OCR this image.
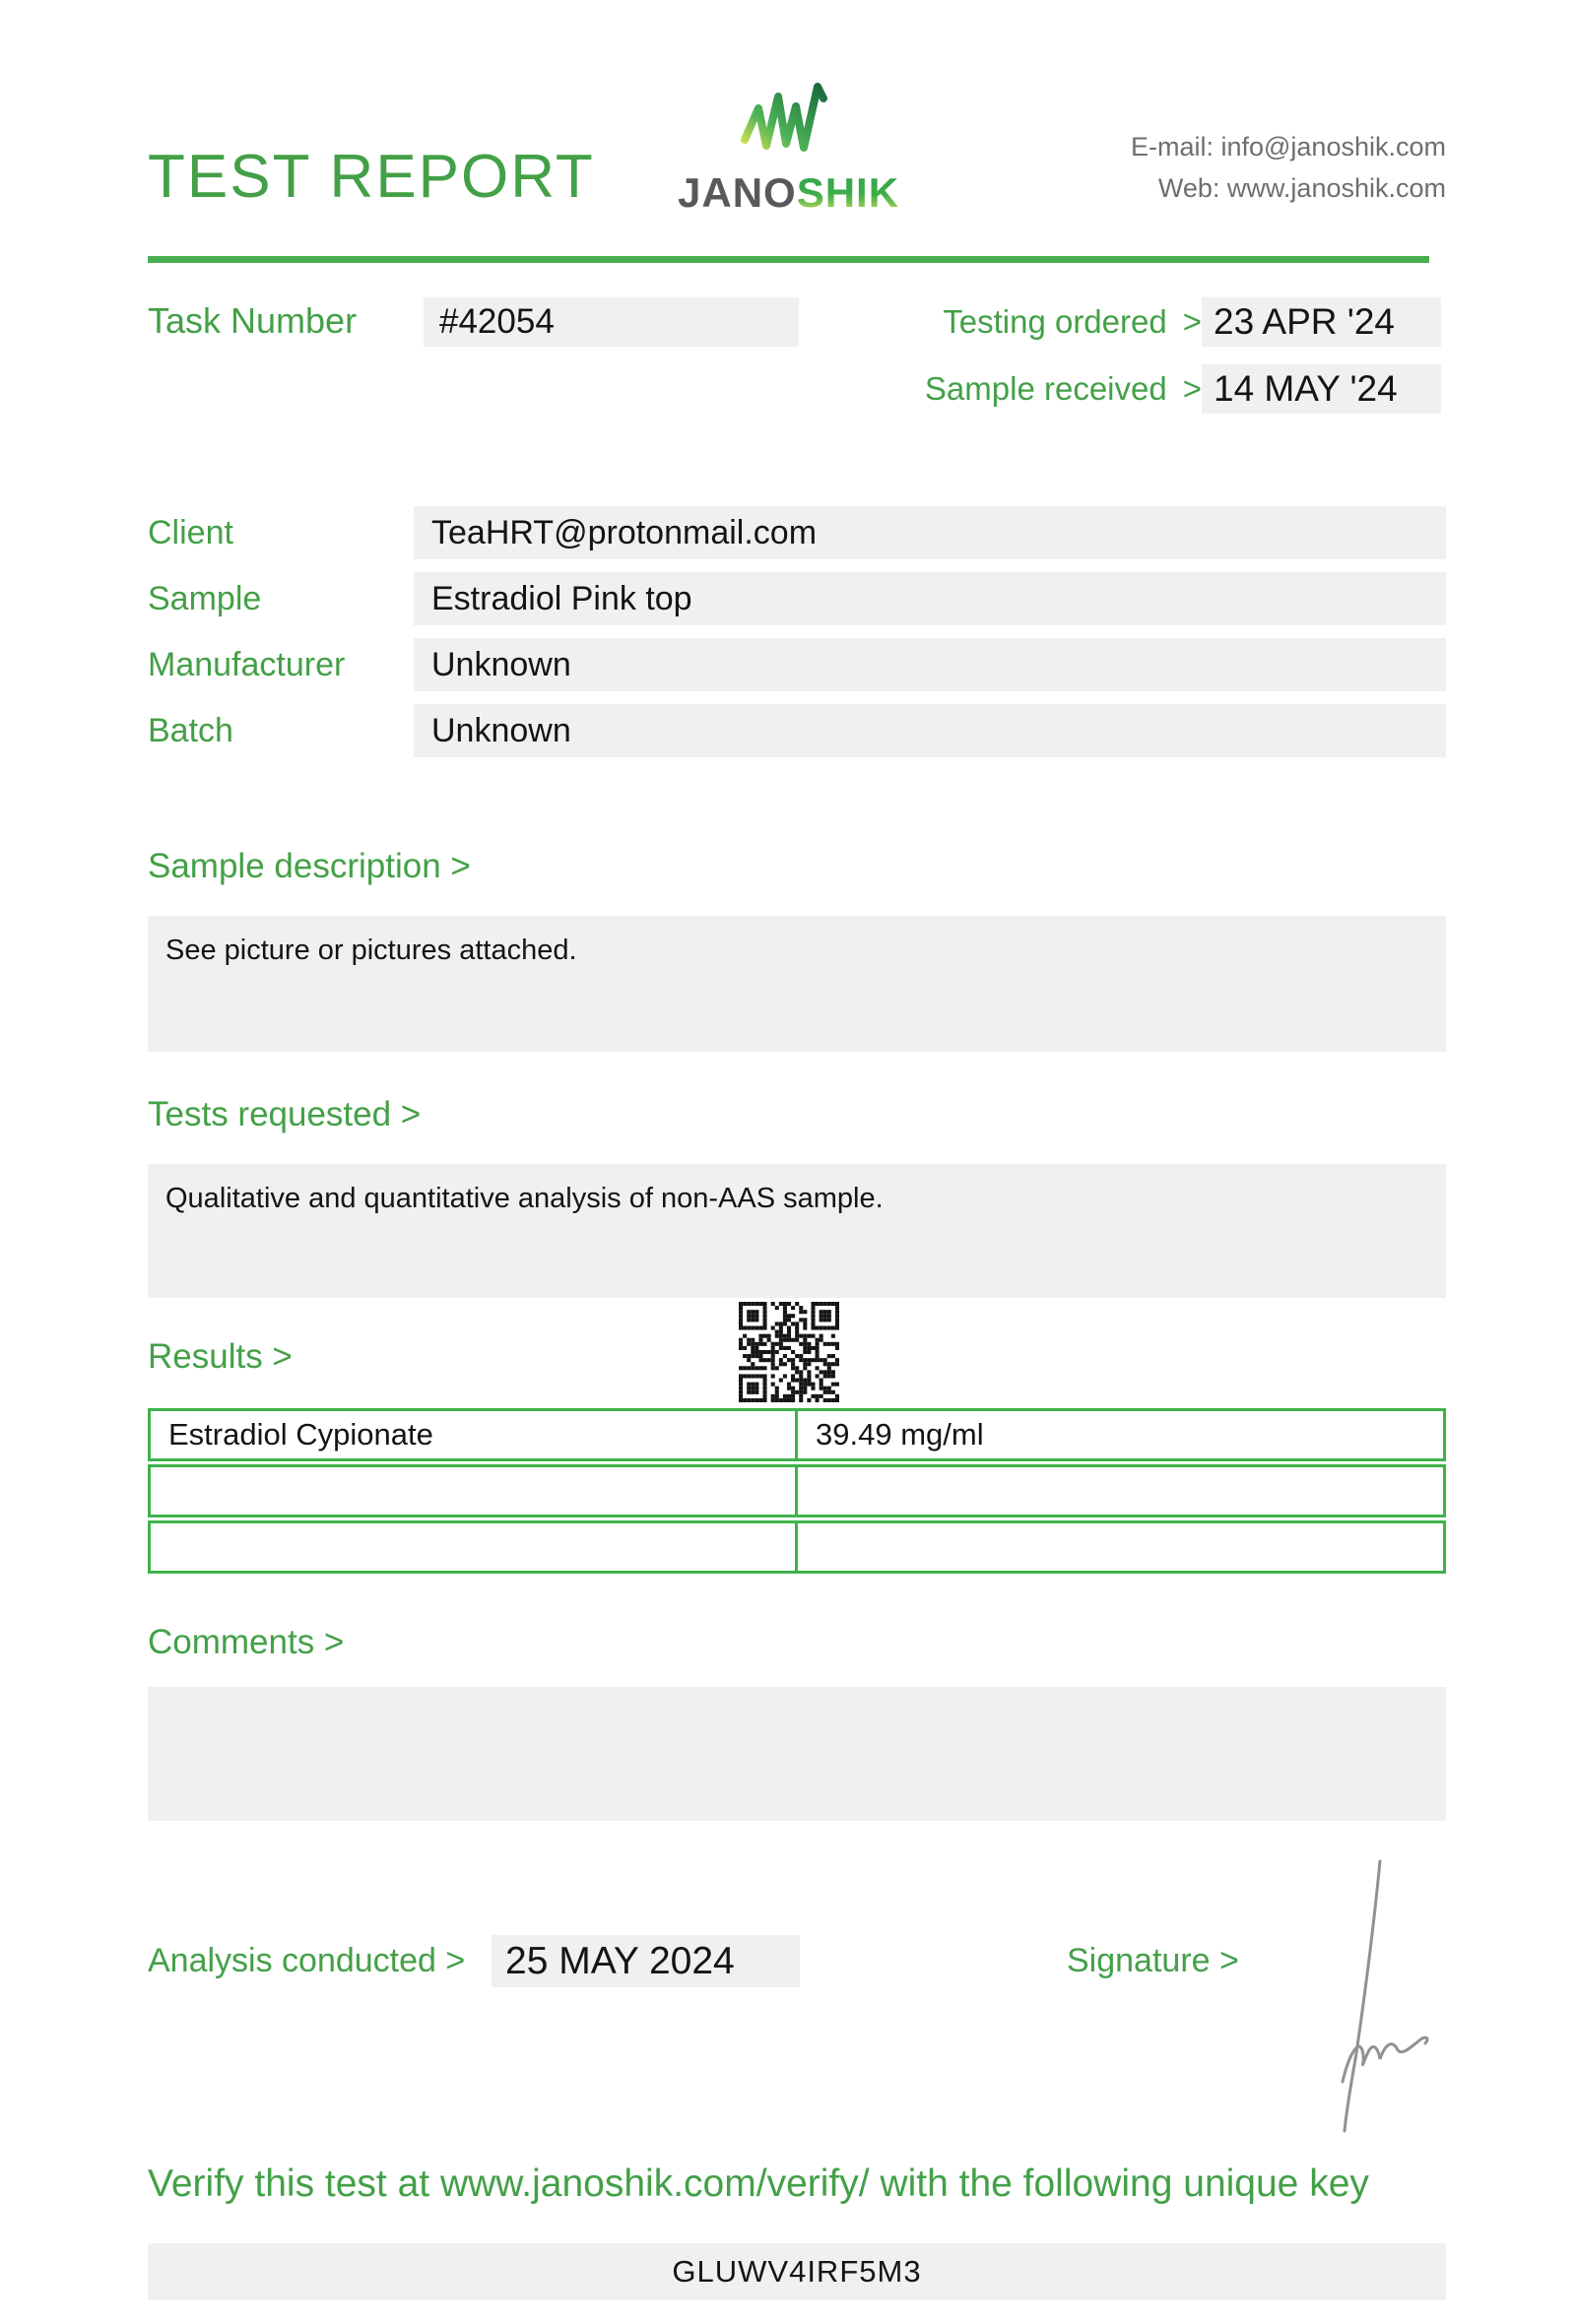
TEST REPORT JANOSHIK
E-mail: info@janoshik.com
Web: www.janoshik.com
Task Number	#42054	Testing ordered > 23 APR '24
Sample received > 14 MAY '24
Client	TeaHRT@protonmail.com
Sample	Estradiol Pink top
Manufacturer	Unknown
Batch	Unknown
Sample description >
See picture or pictures attached.
Tests requested >
Qualitative and quantitative analysis of non-AAS sample.
Results >
Estradiol Cypionate	39.49 mg/ml
Comments >
Analysis conducted >	25 MAY 2024	Signature >
Verify this test at www.janoshik.com/verify/ with the following unique key
GLUWV4IRF5M3
